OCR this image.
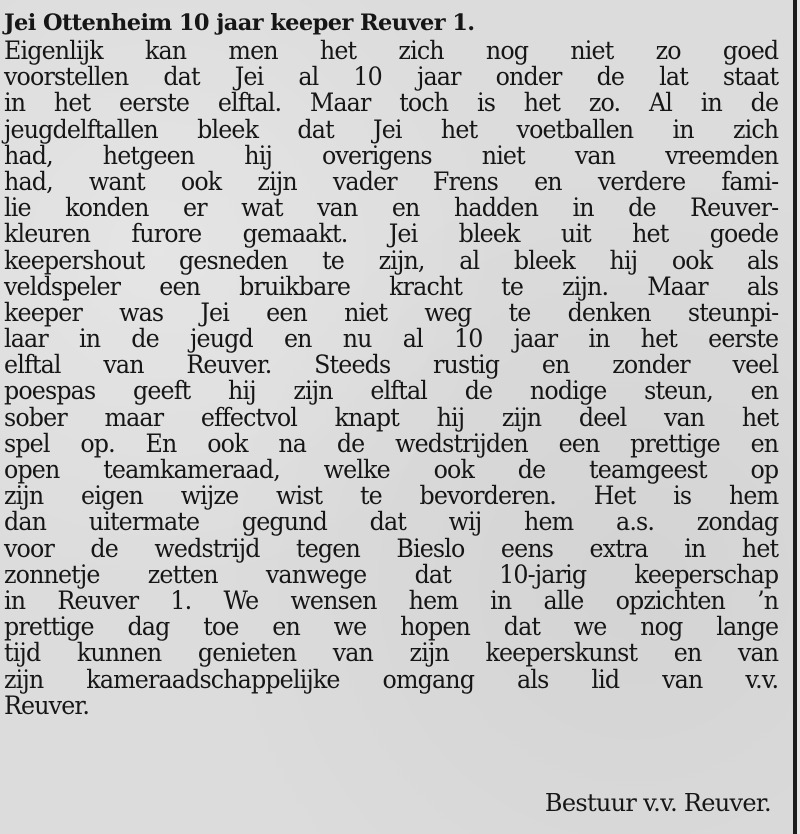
Jei Ottenheim 10 jaar keeper Reuver 1.
Eigenlijk kan men het zich nog niet zo goed
voorstellen dat Jei al 10 jaar onder de lat staat
in het eerste elftal. Maar toch is het zo. Al in de
jeugdelftallen bleek dat Jei het voetballen in zich
had, hetgeen hij overigens niet van vreemden
had, want ook zijn vader Frens en verdere fami-
lie konden er wat van en hadden in de Reuver-
kleuren furore gemaakt. Jei bleek uit het goede
keepershout gesneden te zijn, al bleek hij ook als
veldspeler een bruikbare kracht te zijn. Maar als
keeper was Jei een niet weg te denken steunpi-
laar in de jeugd en nu al 10 jaar in het eerste
elftal van Reuver. Steeds rustig en zonder veel
poespas geeft hij zijn elftal de nodige steun, en
sober maar effectvol knapt hij zijn deel van het
spel op. En ook na de wedstrijden een prettige en
open teamkameraad, welke ook de teamgeest op
zijn eigen wijze wist te bevorderen. Het is hem
dan uitermate gegund dat wij hem a.s. zondag
voor de wedstrijd tegen Bieslo eens extra in het
zonnetje zetten vanwege dat 10-jarig keeperschap
in Reuver 1. We wensen hem in alle opzichten ’n
prettige dag toe en we hopen dat we nog lange
tijd kunnen genieten van zijn keeperskunst en van
zijn kameraadschappelijke omgang als lid van v.v.
Reuver.
Bestuur v.v. Reuver.
